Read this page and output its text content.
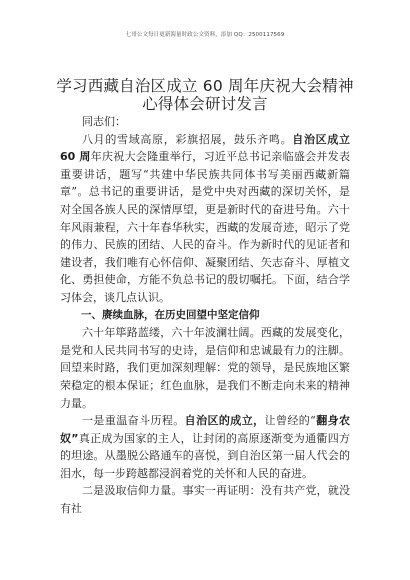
七哥公文每日更新海量时政公文资料，添加 QQ：2500117569
学习西藏自治区成立 60 周年庆祝大会精神心得体会研讨发言

同志们：

八月的雪域高原，彩旗招展，鼓乐齐鸣。自治区成立 60 周年庆祝大会隆重举行，习近平总书记亲临盛会并发表重要讲话，题写“共建中华民族共同体书写美丽西藏新篇章”。总书记的重要讲话，是党中央对西藏的深切关怀，是对全国各族人民的深情厚望，更是新时代的奋进号角。六十年风雨兼程，六十年春华秋实，西藏的发展奇迹，昭示了党的伟力、民族的团结、人民的奋斗。作为新时代的见证者和建设者，我们唯有心怀信仰、凝聚团结、矢志奋斗、厚植文化、勇担使命，方能不负总书记的殷切嘱托。下面，结合学习体会，谈几点认识。

一、赓续血脉，在历史回望中坚定信仰

六十年筚路蓝缕，六十年波澜壮阔。西藏的发展变化，是党和人民共同书写的史诗，是信仰和忠诚最有力的注脚。回望来时路，我们更加深刻理解：党的领导，是民族地区繁荣稳定的根本保证；红色血脉，是我们不断走向未来的精神力量。

一是重温奋斗历程。自治区的成立，让曾经的“翻身农奴”真正成为国家的主人，让封闭的高原逐渐变为通衢四方的坦途。从墨脱公路通车的喜悦，到自治区第一届人代会的泪水，每一步跨越都浸润着党的关怀和人民的奋进。

二是汲取信仰力量。事实一再证明：没有共产党，就没有社
